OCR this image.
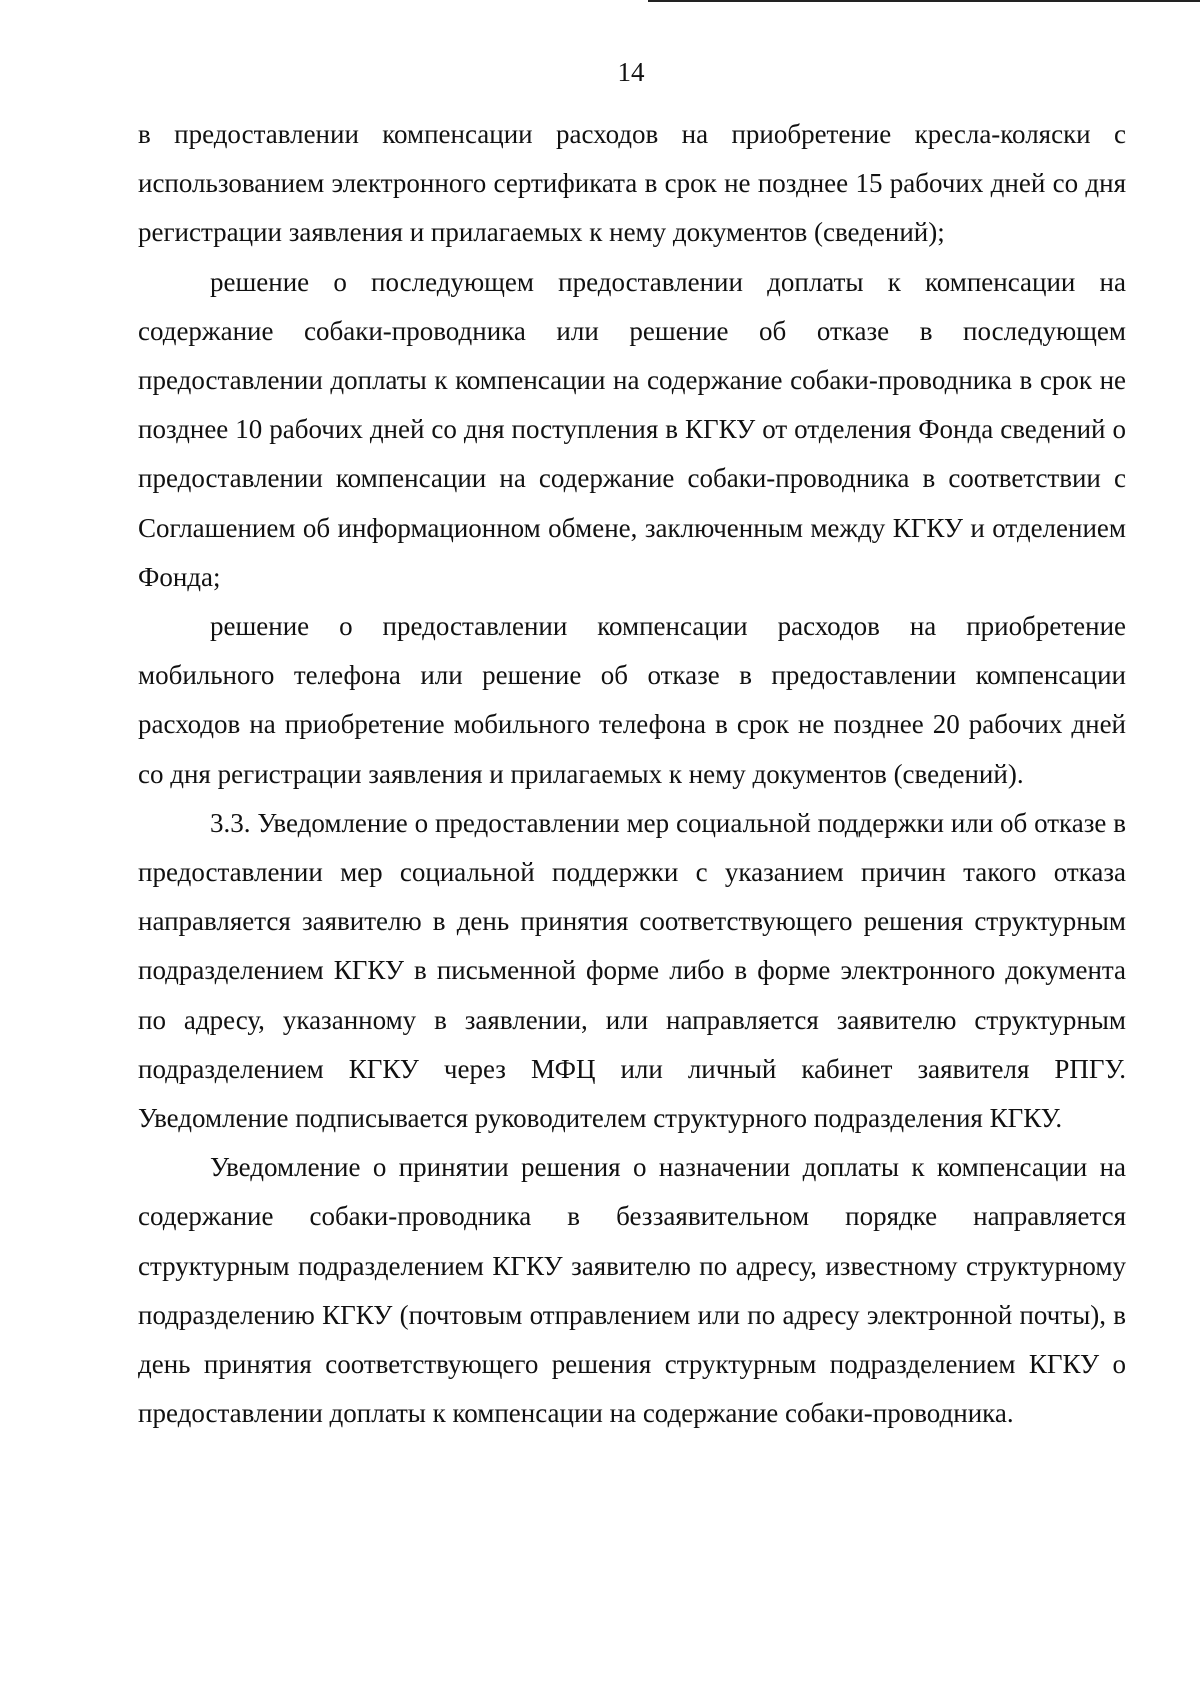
14

в предоставлении компенсации расходов на приобретение кресла-коляски с использованием электронного сертификата в срок не позднее 15 рабочих дней со дня регистрации заявления и прилагаемых к нему документов (сведений);

решение о последующем предоставлении доплаты к компенсации на содержание собаки-проводника или решение об отказе в последующем предоставлении доплаты к компенсации на содержание собаки-проводника в срок не позднее 10 рабочих дней со дня поступления в КГКУ от отделения Фонда сведений о предоставлении компенсации на содержание собаки-проводника в соответствии с Соглашением об информационном обмене, заключенным между КГКУ и отделением Фонда;

решение о предоставлении компенсации расходов на приобретение мобильного телефона или решение об отказе в предоставлении компенсации расходов на приобретение мобильного телефона в срок не позднее 20 рабочих дней со дня регистрации заявления и прилагаемых к нему документов (сведений).

3.3. Уведомление о предоставлении мер социальной поддержки или об отказе в предоставлении мер социальной поддержки с указанием причин такого отказа направляется заявителю в день принятия соответствующего решения структурным подразделением КГКУ в письменной форме либо в форме электронного документа по адресу, указанному в заявлении, или направляется заявителю структурным подразделением КГКУ через МФЦ или личный кабинет заявителя РПГУ. Уведомление подписывается руководителем структурного подразделения КГКУ.

Уведомление о принятии решения о назначении доплаты к компенсации на содержание собаки-проводника в беззаявительном порядке направляется структурным подразделением КГКУ заявителю по адресу, известному структурному подразделению КГКУ (почтовым отправлением или по адресу электронной почты), в день принятия соответствующего решения структурным подразделением КГКУ о предоставлении доплаты к компенсации на содержание собаки-проводника.
